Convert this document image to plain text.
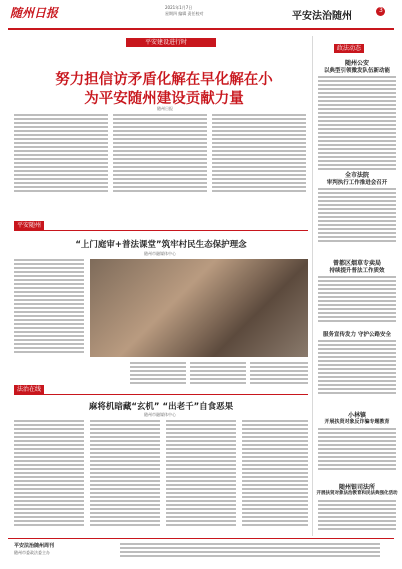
随州日报	2021年1月7日
星期四 编辑 责任校对	平安法治随州
3
平安建设进行时
努力担信访矛盾化解在早化解在小
为平安随州建设贡献力量
随州日报
政法动态
随州公安
以典型引领微发队伍新动能
全市法院
审判执行工作推进会召开
曾都区烟草专卖局
持续提升普法工作质效
服务宣传发力 守护公路安全
小林镇
开展扶贤对象反诈骗专题教育
随州银司法所
开展扶贤对象法治教育和民法典强化活动
平安随州
“上门庭审+普法课堂”筑牢村民生态保护理念
随州市融媒体中心
法治在线
麻将机暗藏“玄机” “出老千”自食恶果
随州市融媒体中心
平安法治随州周刊
随州市委政法委主办
